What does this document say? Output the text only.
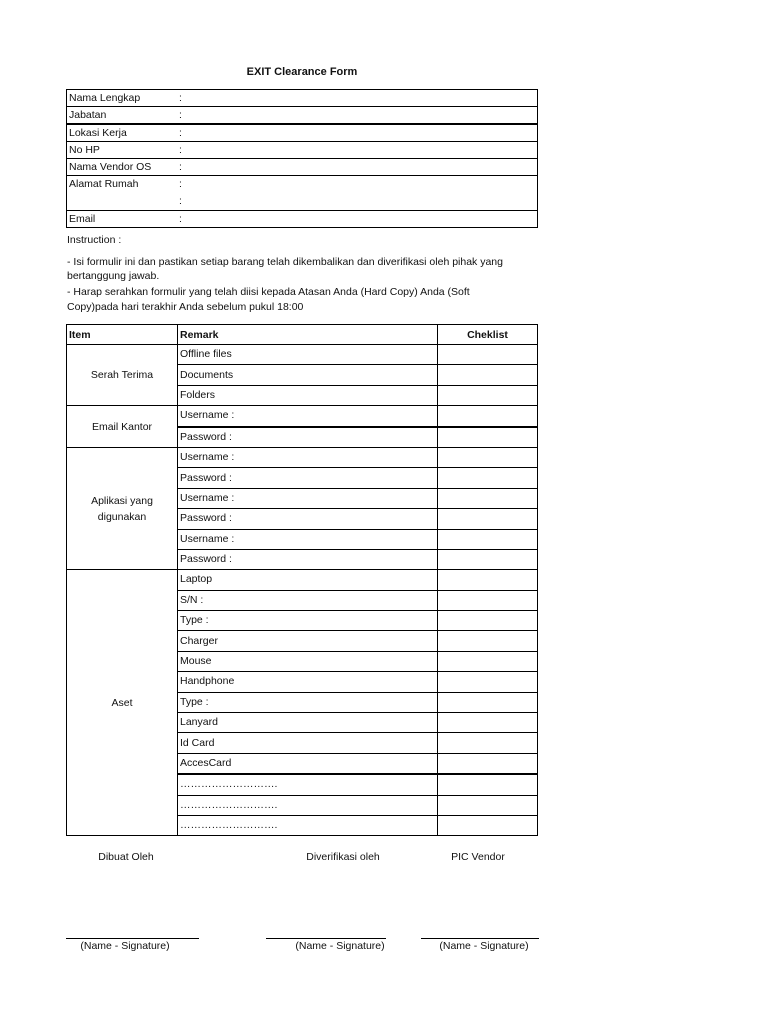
EXIT Clearance Form
Nama Lengkap	:
Jabatan	:
Lokasi Kerja	:
No HP	:
Nama Vendor OS	:
Alamat Rumah	:
:

Email	:
Instruction :
- Isi formulir ini dan pastikan setiap barang telah dikembalikan dan diverifikasi oleh pihak yang
bertanggung jawab.
- Harap serahkan formulir yang telah diisi kepada Atasan Anda (Hard Copy) Anda (Soft
Copy)pada hari terakhir Anda sebelum pukul 18:00
Item	Remark	Cheklist
Serah Terima	Offline files	
	Documents	
	Folders	
Email Kantor	Username :	
	Password :	

Aplikasi yang
digunakan	Username :	
	Password :	
	Username :	
	Password :	
	Username :	
	Password :	
Aset	Laptop	
	S/N :	
	Type :	
	Charger	
	Mouse	
	Handphone	
	Type :	
	Lanyard	
	Id Card	
	AccesCard	
	……………………….	
	……………………….	
	……………………….	
Dibuat Oleh	Diverifikasi oleh	PIC Vendor
(Name - Signature)	(Name - Signature)	(Name - Signature)
